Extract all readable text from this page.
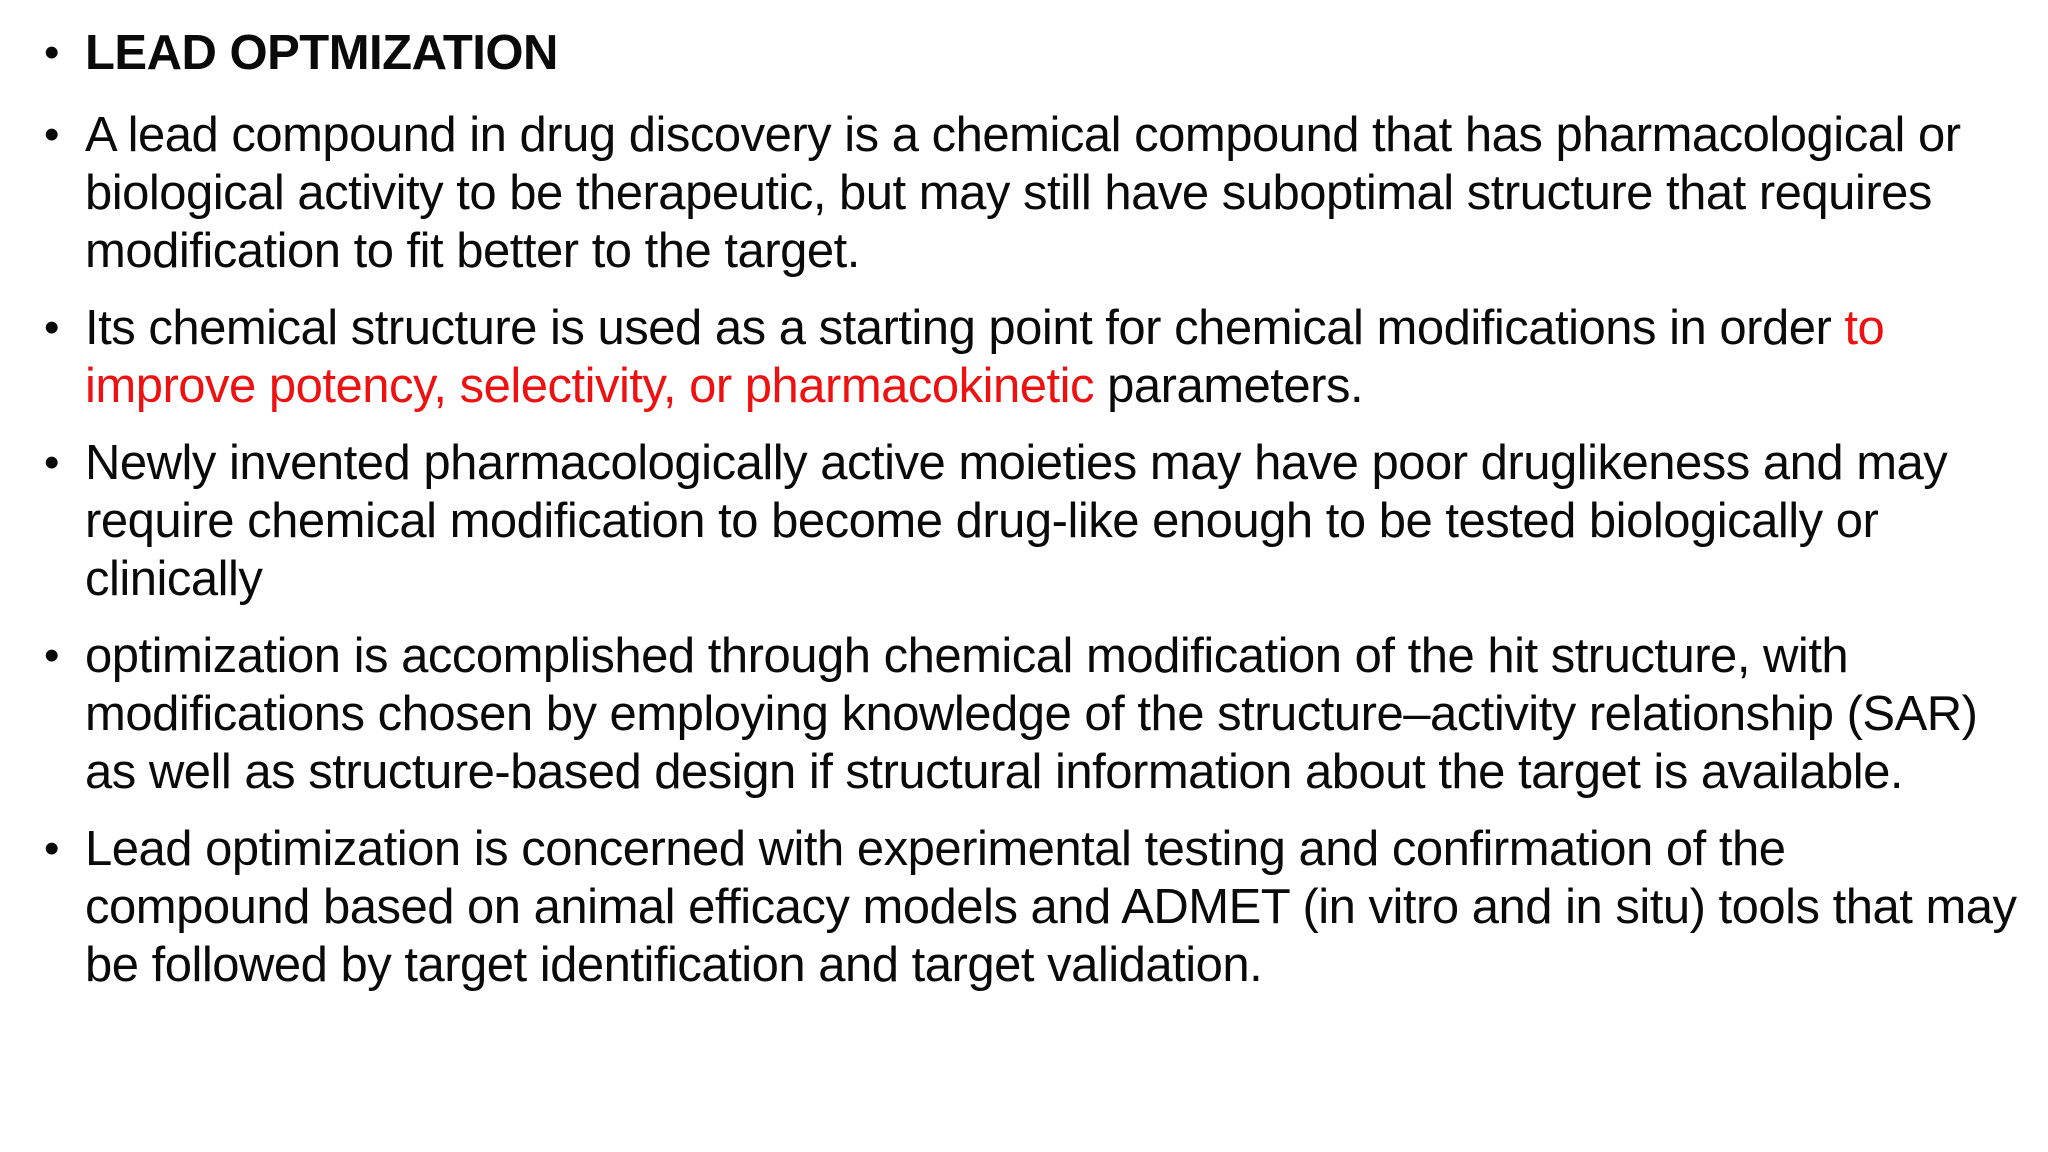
• LEAD OPTMIZATION
• A lead compound in drug discovery is a chemical compound that has pharmacological or biological activity to be therapeutic, but may still have suboptimal structure that requires modification to fit better to the target.
• Its chemical structure is used as a starting point for chemical modifications in order to improve potency, selectivity, or pharmacokinetic parameters.
• Newly invented pharmacologically active moieties may have poor druglikeness and may require chemical modification to become drug-like enough to be tested biologically or clinically
• optimization is accomplished through chemical modification of the hit structure, with modifications chosen by employing knowledge of the structure–activity relationship (SAR) as well as structure-based design if structural information about the target is available.
• Lead optimization is concerned with experimental testing and confirmation of the compound based on animal efficacy models and ADMET (in vitro and in situ) tools that may be followed by target identification and target validation.
